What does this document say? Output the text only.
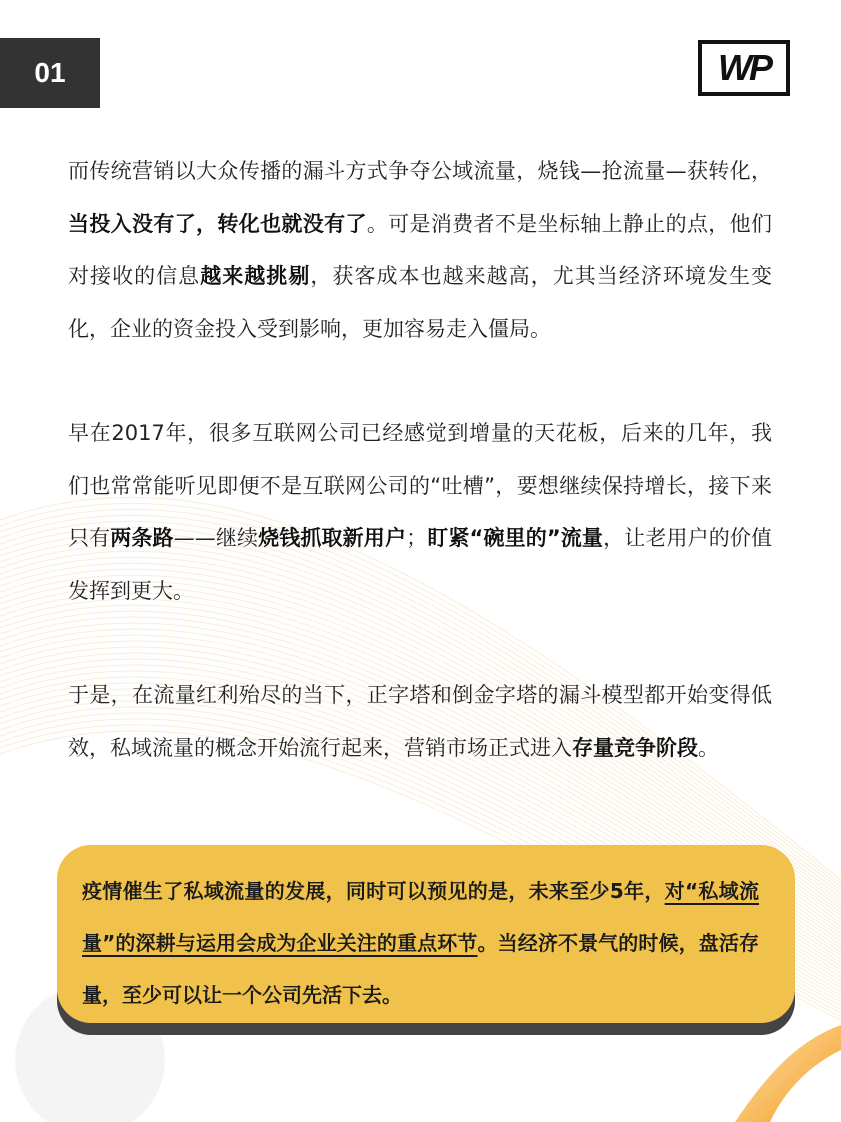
01	WP

而传统营销以大众传播的漏斗方式争夺公域流量，烧钱—抢流量—获转化，当投入没有了，转化也就没有了。可是消费者不是坐标轴上静止的点，他们对接收的信息越来越挑剔，获客成本也越来越高，尤其当经济环境发生变化，企业的资金投入受到影响，更加容易走入僵局。

早在2017年，很多互联网公司已经感觉到增量的天花板，后来的几年，我们也常常能听见即便不是互联网公司的“吐槽”，要想继续保持增长，接下来只有两条路——继续烧钱抓取新用户；盯紧“碗里的”流量，让老用户的价值发挥到更大。

于是，在流量红利殆尽的当下，正字塔和倒金字塔的漏斗模型都开始变得低效，私域流量的概念开始流行起来，营销市场正式进入存量竞争阶段。

疫情催生了私域流量的发展，同时可以预见的是，未来至少5年，对“私域流量”的深耕与运用会成为企业关注的重点环节。当经济不景气的时候，盘活存量，至少可以让一个公司先活下去。
